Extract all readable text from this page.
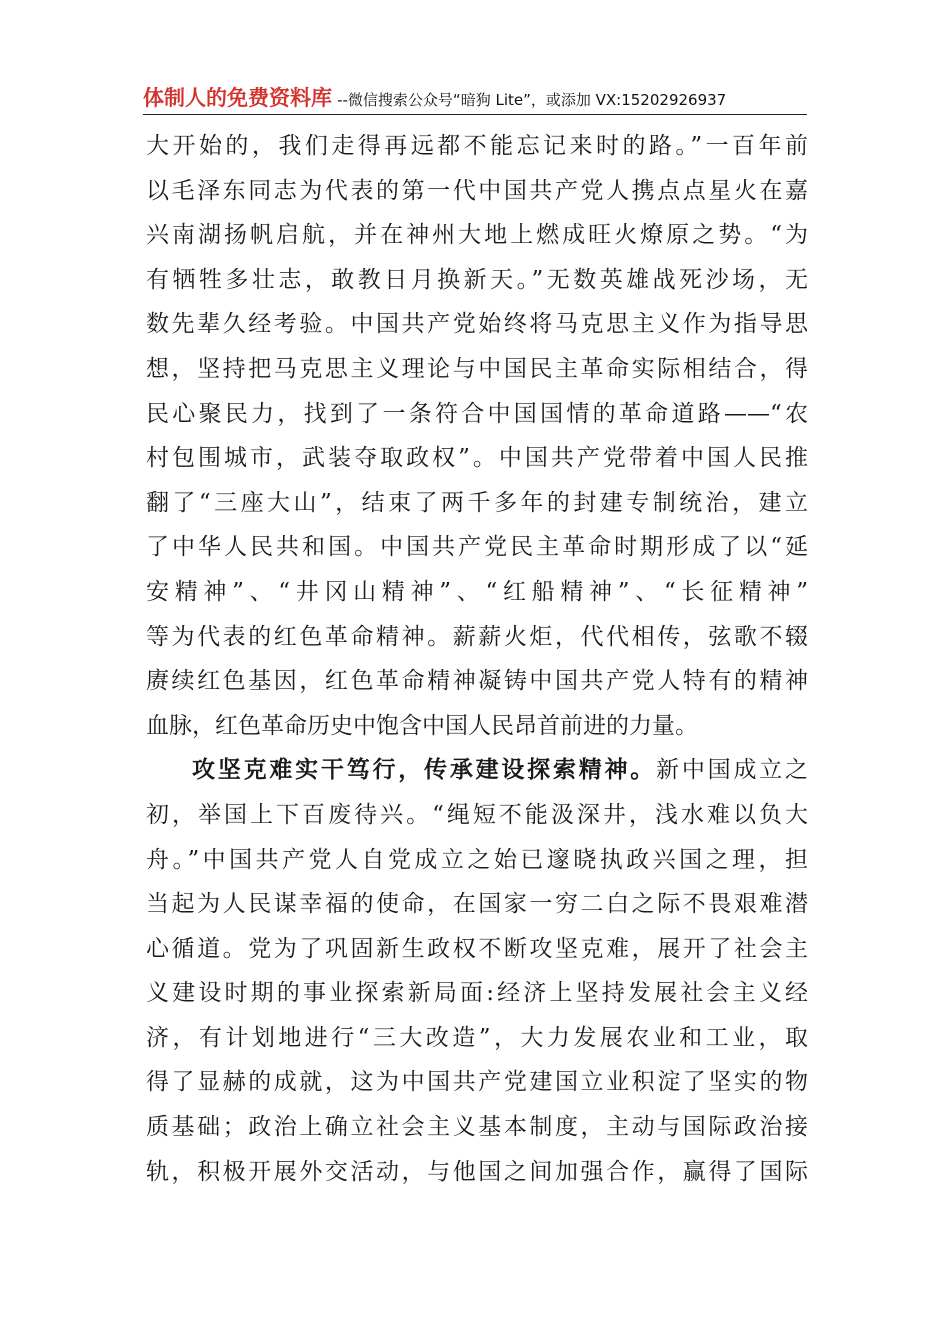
体制人的免费资料库 --微信搜索公众号“暗狗 Lite”，或添加 VX:15202926937
大开始的，我们走得再远都不能忘记来时的路。”一百年前
以毛泽东同志为代表的第一代中国共产党人携点点星火在嘉
兴南湖扬帆启航，并在神州大地上燃成旺火燎原之势。“为
有牺牲多壮志，敢教日月换新天。”无数英雄战死沙场，无
数先辈久经考验。中国共产党始终将马克思主义作为指导思
想，坚持把马克思主义理论与中国民主革命实际相结合，得
民心聚民力，找到了一条符合中国国情的革命道路——“农
村包围城市，武装夺取政权”。中国共产党带着中国人民推
翻了“三座大山”，结束了两千多年的封建专制统治，建立
了中华人民共和国。中国共产党民主革命时期形成了以“延
安精神”、“井冈山精神”、“红船精神”、“长征精神”
等为代表的红色革命精神。薪薪火炬，代代相传，弦歌不辍
赓续红色基因，红色革命精神凝铸中国共产党人特有的精神
血脉，红色革命历史中饱含中国人民昂首前进的力量。
攻坚克难实干笃行，传承建设探索精神。新中国成立之
初，举国上下百废待兴。“绳短不能汲深井，浅水难以负大
舟。”中国共产党人自党成立之始已邃晓执政兴国之理，担
当起为人民谋幸福的使命，在国家一穷二白之际不畏艰难潜
心循道。党为了巩固新生政权不断攻坚克难，展开了社会主
义建设时期的事业探索新局面:经济上坚持发展社会主义经
济，有计划地进行“三大改造”，大力发展农业和工业，取
得了显赫的成就，这为中国共产党建国立业积淀了坚实的物
质基础；政治上确立社会主义基本制度，主动与国际政治接
轨，积极开展外交活动，与他国之间加强合作，赢得了国际
